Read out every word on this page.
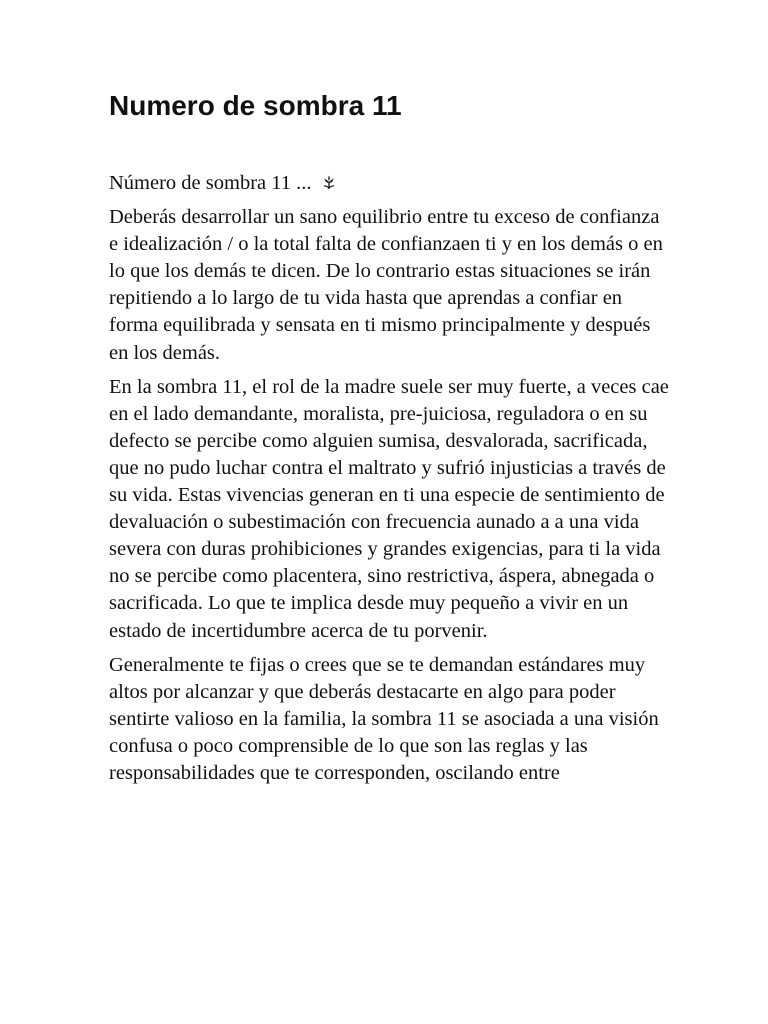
Numero de sombra 11

Número de sombra 11 ...

Deberás desarrollar un sano equilibrio entre tu exceso de confianza e idealización / o la total falta de confianzaen ti y en los demás o en lo que los demás te dicen. De lo contrario estas situaciones se irán repitiendo a lo largo de tu vida hasta que aprendas a confiar en forma equilibrada y sensata en ti mismo principalmente y después en los demás.

En la sombra 11, el rol de la madre suele ser muy fuerte, a veces cae en el lado demandante, moralista, pre-juiciosa, reguladora o en su defecto se percibe como alguien sumisa, desvalorada, sacrificada, que no pudo luchar contra el maltrato y sufrió injusticias a través de su vida. Estas vivencias generan en ti una especie de sentimiento de devaluación o subestimación con frecuencia aunado a a una vida severa con duras prohibiciones y grandes exigencias, para ti la vida no se percibe como placentera, sino restrictiva, áspera, abnegada o sacrificada. Lo que te implica desde muy pequeño a vivir en un estado de incertidumbre acerca de tu porvenir.

Generalmente te fijas o crees que se te demandan estándares muy altos por alcanzar y que deberás destacarte en algo para poder sentirte valioso en la familia, la sombra 11 se asociada a una visión confusa o poco comprensible de lo que son las reglas y las responsabilidades que te corresponden, oscilando entre
